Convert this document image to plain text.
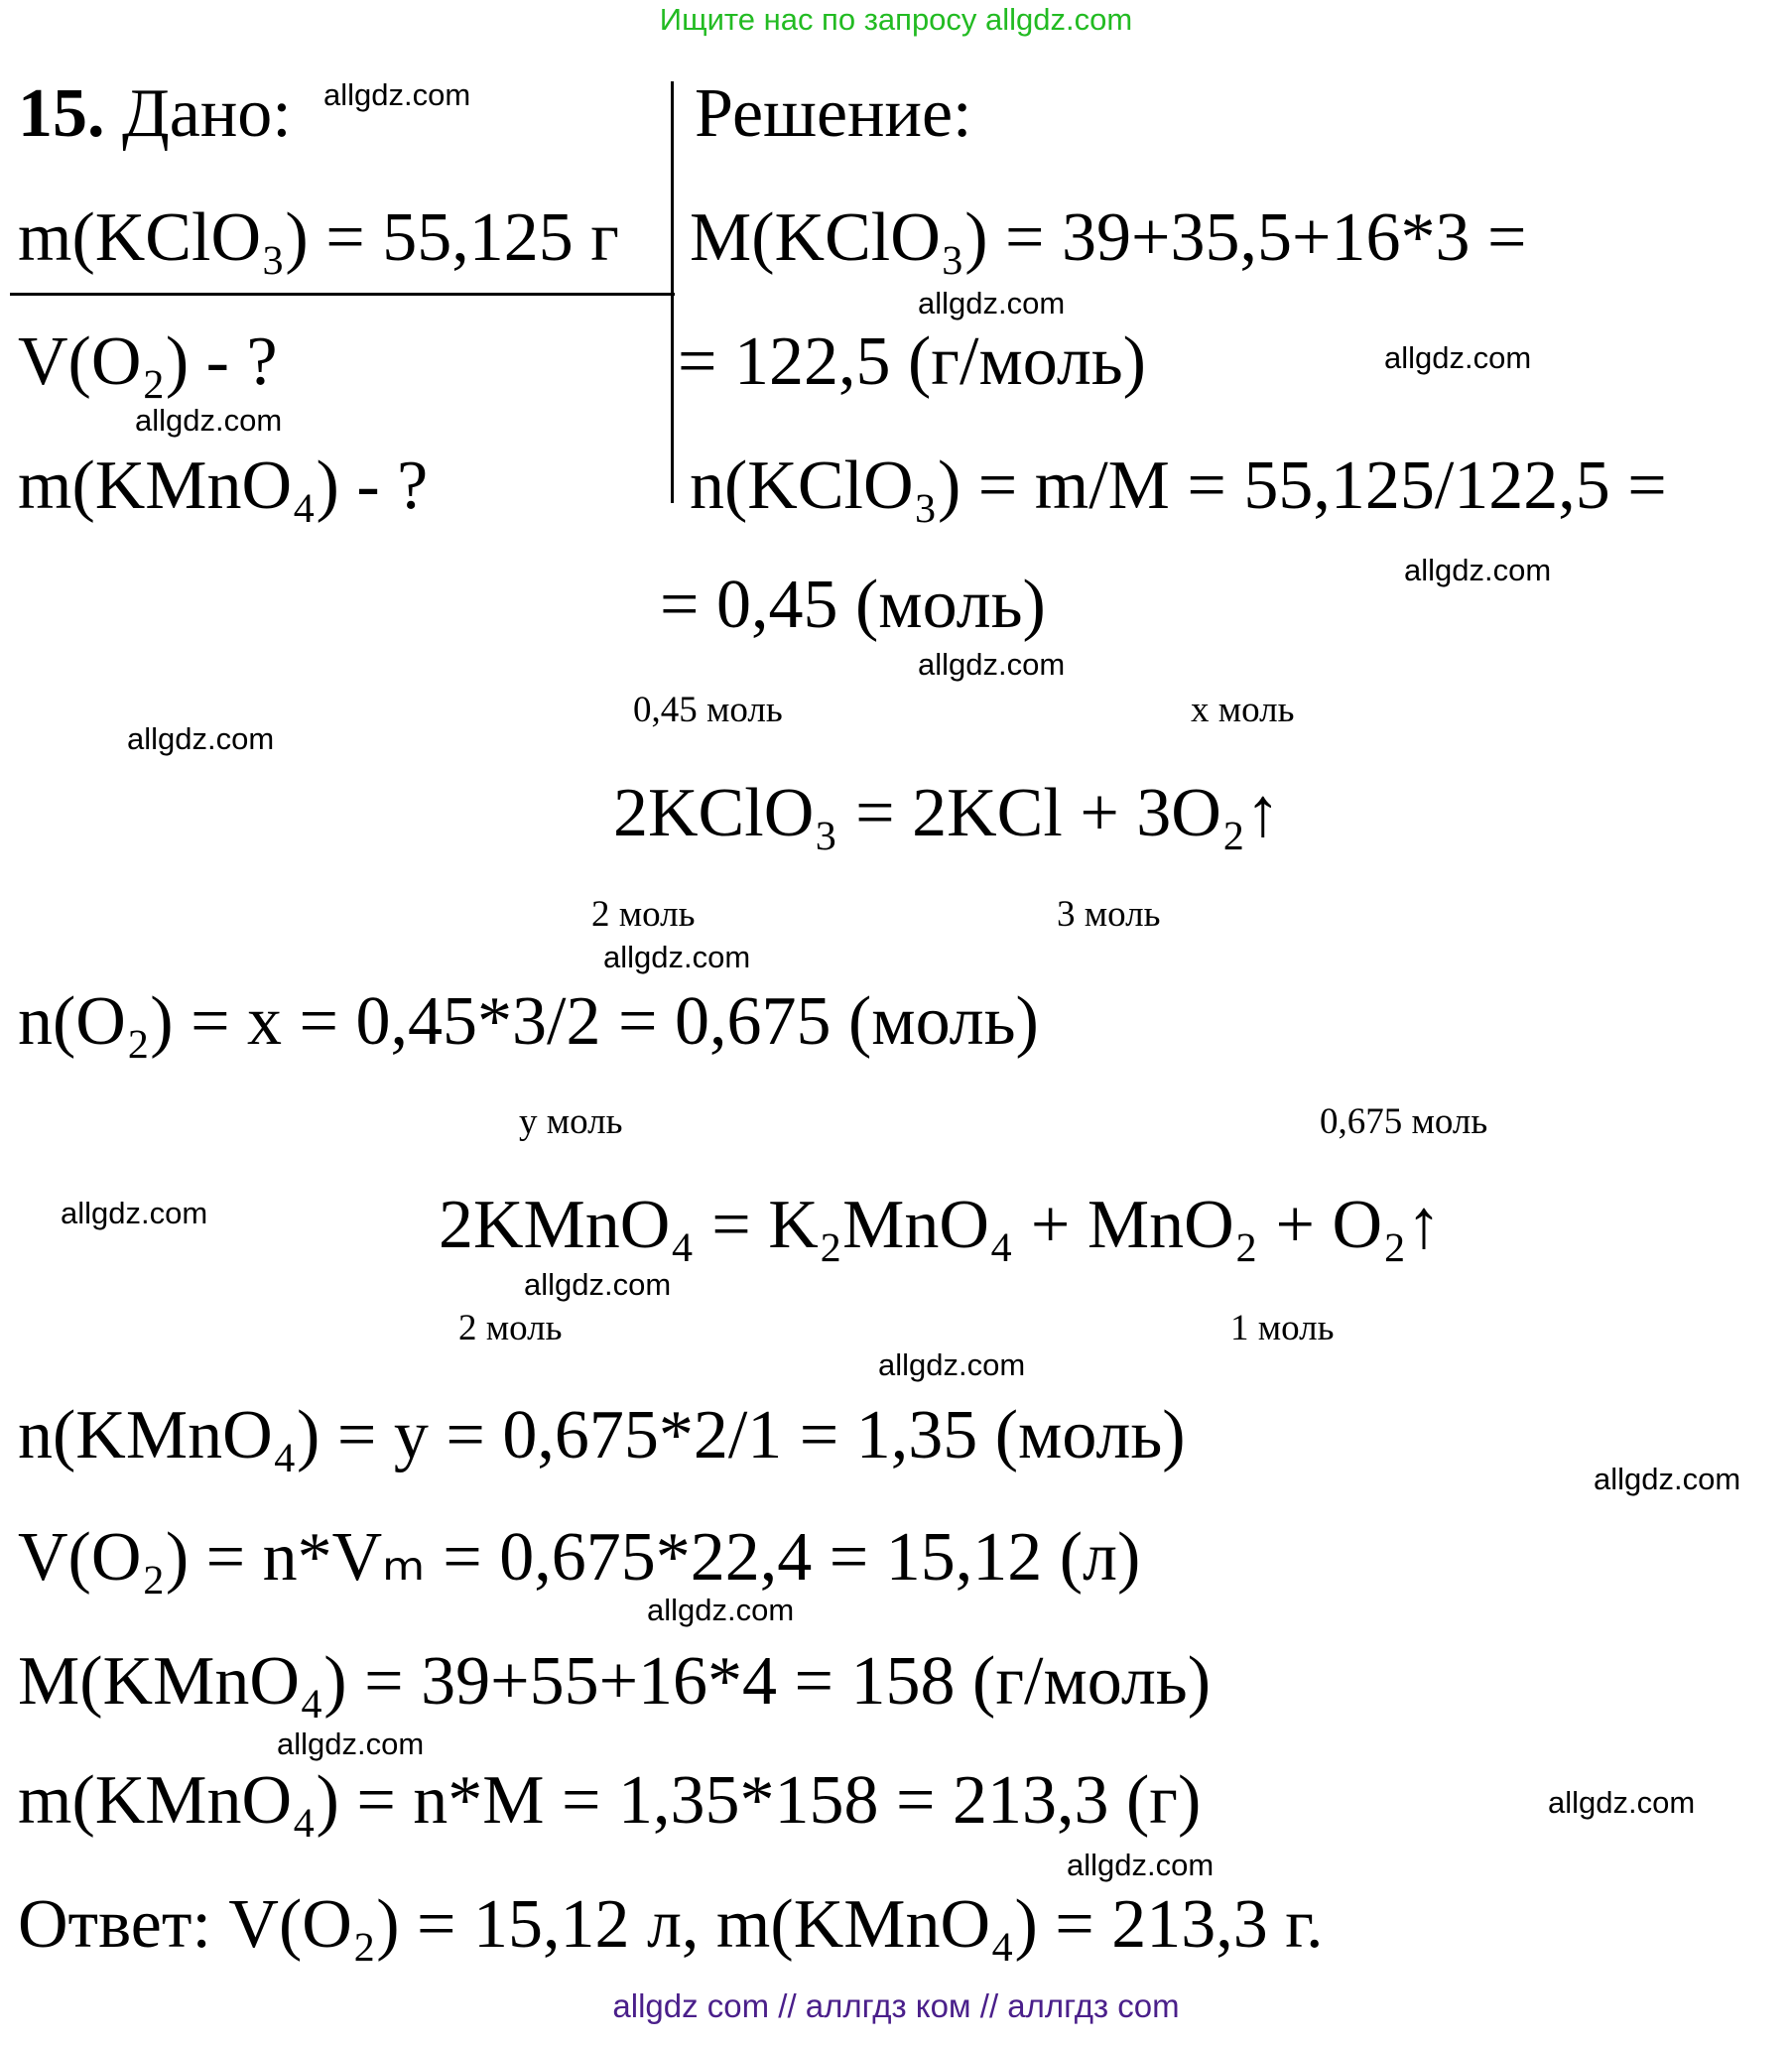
Ищите нас по запросу allgdz.com
15. Дано:
m(KClO₃) = 55,125 г
V(O₂) - ?
m(KMnO₄) - ?
Решение:
M(KClO₃) = 39+35,5+16*3 =
= 122,5 (г/моль)
n(KClO₃) = m/M = 55,125/122,5 =
= 0,45 (моль)
0,45 моль	x моль
2KClO₃ = 2KCl + 3O₂↑
2 моль	3 моль
n(O₂) = x = 0,45*3/2 = 0,675 (моль)
y моль	0,675 моль
2KMnO₄ = K₂MnO₄ + MnO₂ + O₂↑
2 моль	1 моль
n(KMnO₄) = y = 0,675*2/1 = 1,35 (моль)
V(O₂) = n*Vₘ = 0,675*22,4 = 15,12 (л)
M(KMnO₄) = 39+55+16*4 = 158 (г/моль)
m(KMnO₄) = n*M = 1,35*158 = 213,3 (г)
Ответ: V(O₂) = 15,12 л, m(KMnO₄) = 213,3 г.
allgdz.com
allgdz.com
allgdz.com
allgdz.com
allgdz.com
allgdz.com
allgdz.com
allgdz.com
allgdz.com
allgdz.com
allgdz.com
allgdz.com
allgdz.com
allgdz.com
allgdz.com
allgdz.com
allgdz com // аллгдз ком // аллгдз com
